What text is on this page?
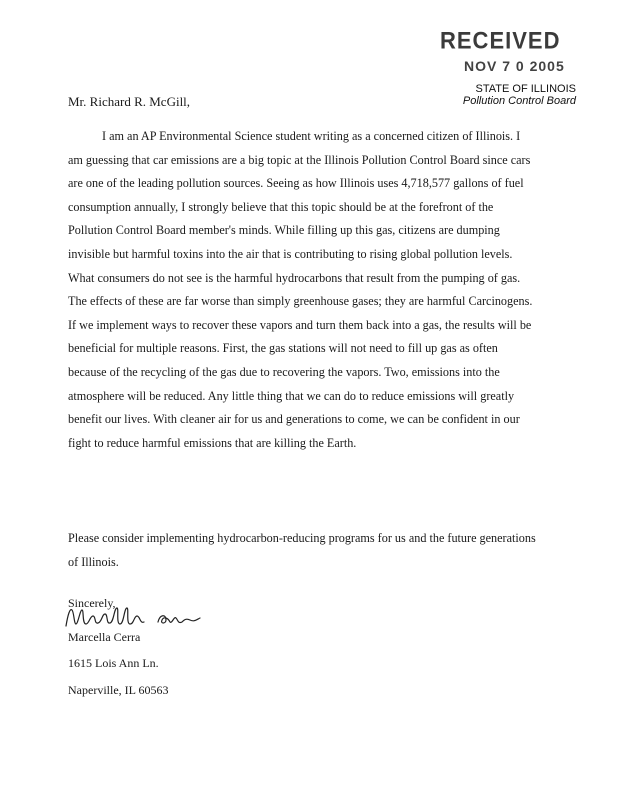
RECEIVED
NOV 7 0 2005
STATE OF ILLINOIS
Pollution Control Board
Mr. Richard R. McGill,
I am an AP Environmental Science student writing as a concerned citizen of Illinois. I am guessing that car emissions are a big topic at the Illinois Pollution Control Board since cars are one of the leading pollution sources. Seeing as how Illinois uses 4,718,577 gallons of fuel consumption annually, I strongly believe that this topic should be at the forefront of the Pollution Control Board member's minds. While filling up this gas, citizens are dumping invisible but harmful toxins into the air that is contributing to rising global pollution levels. What consumers do not see is the harmful hydrocarbons that result from the pumping of gas. The effects of these are far worse than simply greenhouse gases; they are harmful Carcinogens. If we implement ways to recover these vapors and turn them back into a gas, the results will be beneficial for multiple reasons. First, the gas stations will not need to fill up gas as often because of the recycling of the gas due to recovering the vapors. Two, emissions into the atmosphere will be reduced. Any little thing that we can do to reduce emissions will greatly benefit our lives. With cleaner air for us and generations to come, we can be confident in our fight to reduce harmful emissions that are killing the Earth.
Please consider implementing hydrocarbon-reducing programs for us and the future generations of Illinois.
Sincerely,
Marcella Cerra
1615 Lois Ann Ln.
Naperville, IL 60563
